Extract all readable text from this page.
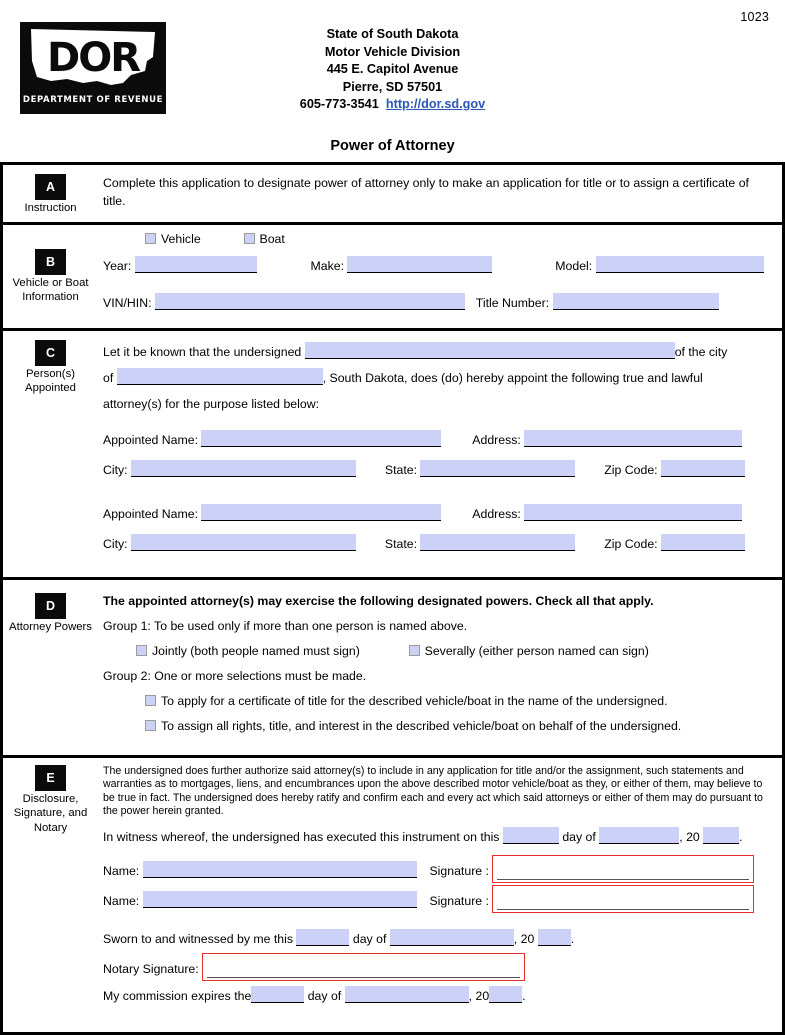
1023
DOR
SD
DEPARTMENT OF REVENUE
State of South Dakota
Motor Vehicle Division
445 E. Capitol Avenue
Pierre, SD 57501
605-773-3541 http://dor.sd.gov
Power of Attorney
A
Instruction
Complete this application to designate power of attorney only to make an application for title or to assign a certificate of title.
B
Vehicle or Boat Information
Vehicle	Boat
Year:	Make:	Model:
VIN/HIN:	Title Number:
C
Person(s) Appointed
Let it be known that the undersigned	of the city
of	, South Dakota, does (do) hereby appoint the following true and lawful
attorney(s) for the purpose listed below:
Appointed Name:	Address:
City:	State:	Zip Code:
Appointed Name:	Address:
City:	State:	Zip Code:
D
Attorney Powers
The appointed attorney(s) may exercise the following designated powers. Check all that apply.
Group 1: To be used only if more than one person is named above.
Jointly (both people named must sign)	Severally (either person named can sign)
Group 2: One or more selections must be made.
To apply for a certificate of title for the described vehicle/boat in the name of the undersigned.
To assign all rights, title, and interest in the described vehicle/boat on behalf of the undersigned.
E
Disclosure, Signature, and Notary

The undersigned does further authorize said attorney(s) to include in any application for title and/or the assignment, such statements and warranties as to mortgages, liens, and encumbrances upon the above described motor vehicle/boat as they, or either of them, may believe to be true in fact. The undersigned does hereby ratify and confirm each and every act which said attorneys or either of them may do pursuant to the power herein granted.

In witness whereof, the undersigned has executed this instrument on this	day of	, 20	.
Name:	Signature :
Name:	Signature :
Sworn to and witnessed by me this	day of	, 20	.
Notary Signature:
My commission expires the	day of	, 20	.
